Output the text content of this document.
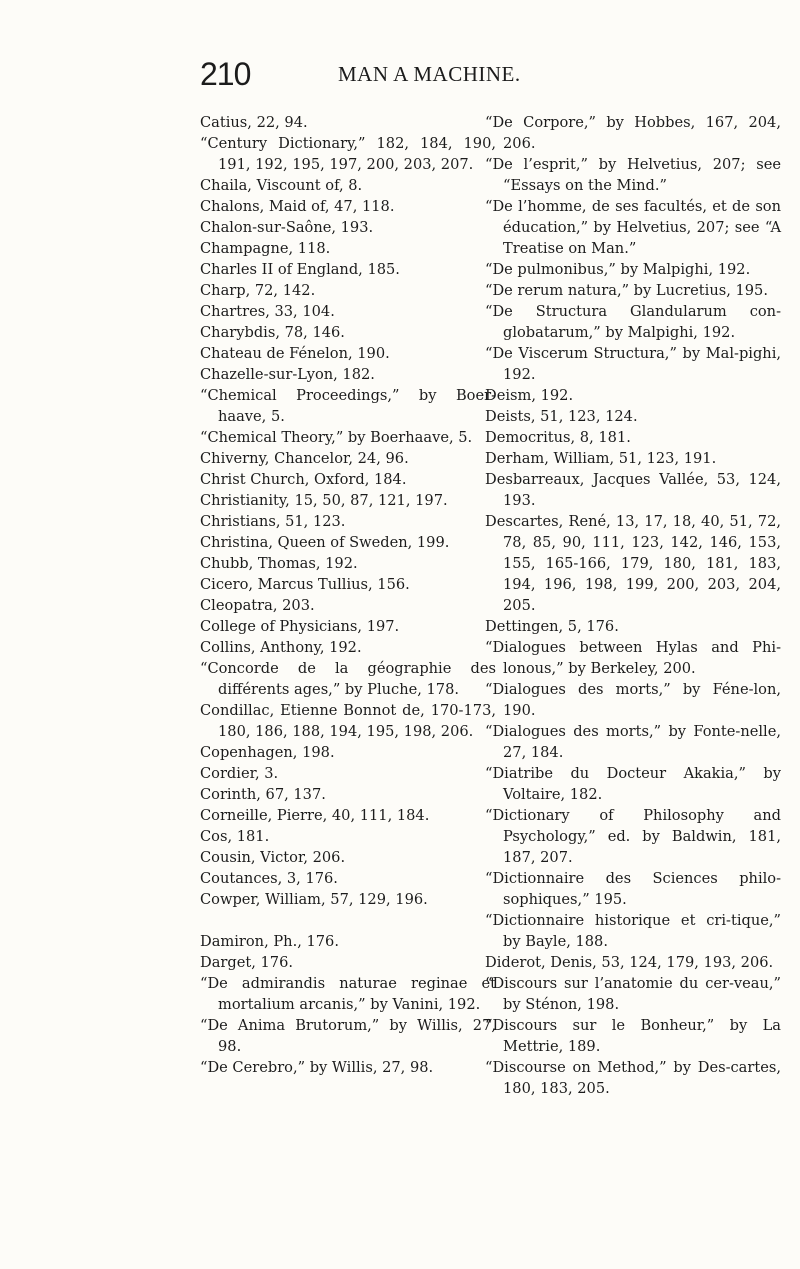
210	MAN A MACHINE.
Catius, 22, 94.
“Century Dictionary,” 182, 184, 190, 191, 192, 195, 197, 200, 203, 207.
Chaila, Viscount of, 8.
Chalons, Maid of, 47, 118.
Chalon-sur-Saône, 193.
Champagne, 118.
Charles II of England, 185.
Charp, 72, 142.
Chartres, 33, 104.
Charybdis, 78, 146.
Chateau de Fénelon, 190.
Chazelle-sur-Lyon, 182.
“Chemical Proceedings,” by Boer-haave, 5.
“Chemical Theory,” by Boerhaave, 5.
Chiverny, Chancelor, 24, 96.
Christ Church, Oxford, 184.
Christianity, 15, 50, 87, 121, 197.
Christians, 51, 123.
Christina, Queen of Sweden, 199.
Chubb, Thomas, 192.
Cicero, Marcus Tullius, 156.
Cleopatra, 203.
College of Physicians, 197.
Collins, Anthony, 192.
“Concorde de la géographie des différents ages,” by Pluche, 178.
Condillac, Etienne Bonnot de, 170-173, 180, 186, 188, 194, 195, 198, 206.
Copenhagen, 198.
Cordier, 3.
Corinth, 67, 137.
Corneille, Pierre, 40, 111, 184.
Cos, 181.
Cousin, Victor, 206.
Coutances, 3, 176.
Cowper, William, 57, 129, 196.
Damiron, Ph., 176.
Darget, 176.
“De admirandis naturae reginae et mortalium arcanis,” by Vanini, 192.
“De Anima Brutorum,” by Willis, 27, 98.
“De Cerebro,” by Willis, 27, 98.
“De Corpore,” by Hobbes, 167, 204, 206.
“De l’esprit,” by Helvetius, 207; see “Essays on the Mind.”
“De l’homme, de ses facultés, et de son éducation,” by Helvetius, 207; see “A Treatise on Man.”
“De pulmonibus,” by Malpighi, 192.
“De rerum natura,” by Lucretius, 195.
“De Structura Glandularum con-globatarum,” by Malpighi, 192.
“De Viscerum Structura,” by Mal-pighi, 192.
Deism, 192.
Deists, 51, 123, 124.
Democritus, 8, 181.
Derham, William, 51, 123, 191.
Desbarreaux, Jacques Vallée, 53, 124, 193.
Descartes, René, 13, 17, 18, 40, 51, 72, 78, 85, 90, 111, 123, 142, 146, 153, 155, 165-166, 179, 180, 181, 183, 194, 196, 198, 199, 200, 203, 204, 205.
Dettingen, 5, 176.
“Dialogues between Hylas and Phi-lonous,” by Berkeley, 200.
“Dialogues des morts,” by Féne-lon, 190.
“Dialogues des morts,” by Fonte-nelle, 27, 184.
“Diatribe du Docteur Akakia,” by Voltaire, 182.
“Dictionary of Philosophy and Psychology,” ed. by Baldwin, 181, 187, 207.
“Dictionnaire des Sciences philo-sophiques,” 195.
“Dictionnaire historique et cri-tique,” by Bayle, 188.
Diderot, Denis, 53, 124, 179, 193, 206.
“Discours sur l’anatomie du cer-veau,” by Sténon, 198.
“Discours sur le Bonheur,” by La Mettrie, 189.
“Discourse on Method,” by Des-cartes, 180, 183, 205.
